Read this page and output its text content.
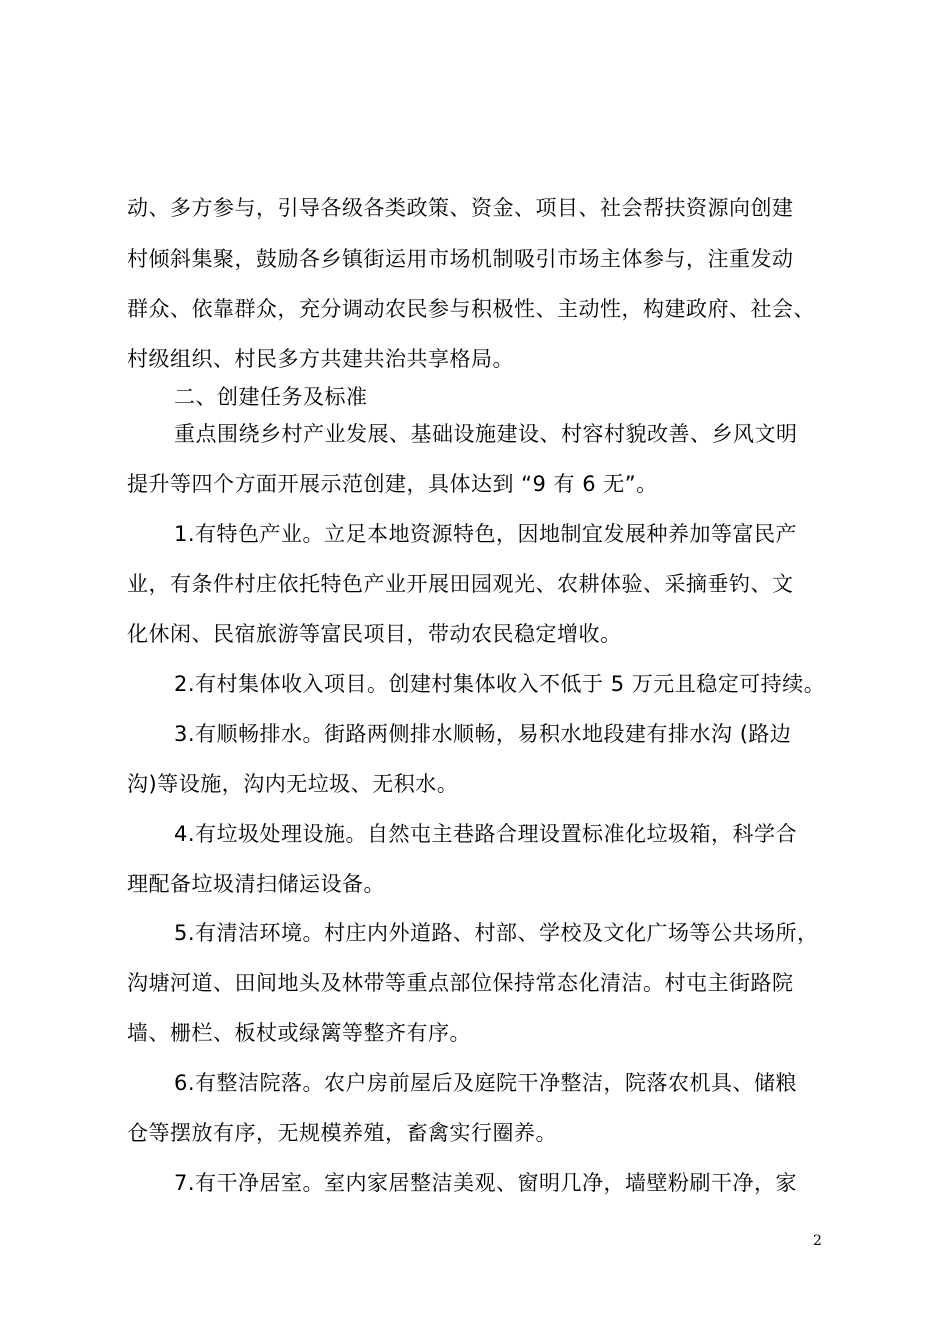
动、多方参与，引导各级各类政策、资金、项目、社会帮扶资源向创建
村倾斜集聚，鼓励各乡镇街运用市场机制吸引市场主体参与，注重发动
群众、依靠群众，充分调动农民参与积极性、主动性，构建政府、社会、
村级组织、村民多方共建共治共享格局。
二、创建任务及标准
重点围绕乡村产业发展、基础设施建设、村容村貌改善、乡风文明
提升等四个方面开展示范创建，具体达到 “9 有 6 无”。
1.有特色产业。立足本地资源特色，因地制宜发展种养加等富民产
业，有条件村庄依托特色产业开展田园观光、农耕体验、采摘垂钓、文
化休闲、民宿旅游等富民项目，带动农民稳定增收。
2.有村集体收入项目。创建村集体收入不低于 5 万元且稳定可持续。
3.有顺畅排水。街路两侧排水顺畅，易积水地段建有排水沟 (路边
沟)等设施，沟内无垃圾、无积水。
4.有垃圾处理设施。自然屯主巷路合理设置标准化垃圾箱，科学合
理配备垃圾清扫储运设备。
5.有清洁环境。村庄内外道路、村部、学校及文化广场等公共场所，
沟塘河道、田间地头及林带等重点部位保持常态化清洁。村屯主街路院
墙、栅栏、板杖或绿篱等整齐有序。
6.有整洁院落。农户房前屋后及庭院干净整洁，院落农机具、储粮
仓等摆放有序，无规模养殖，畜禽实行圈养。
7.有干净居室。室内家居整洁美观、窗明几净，墙壁粉刷干净，家
2
